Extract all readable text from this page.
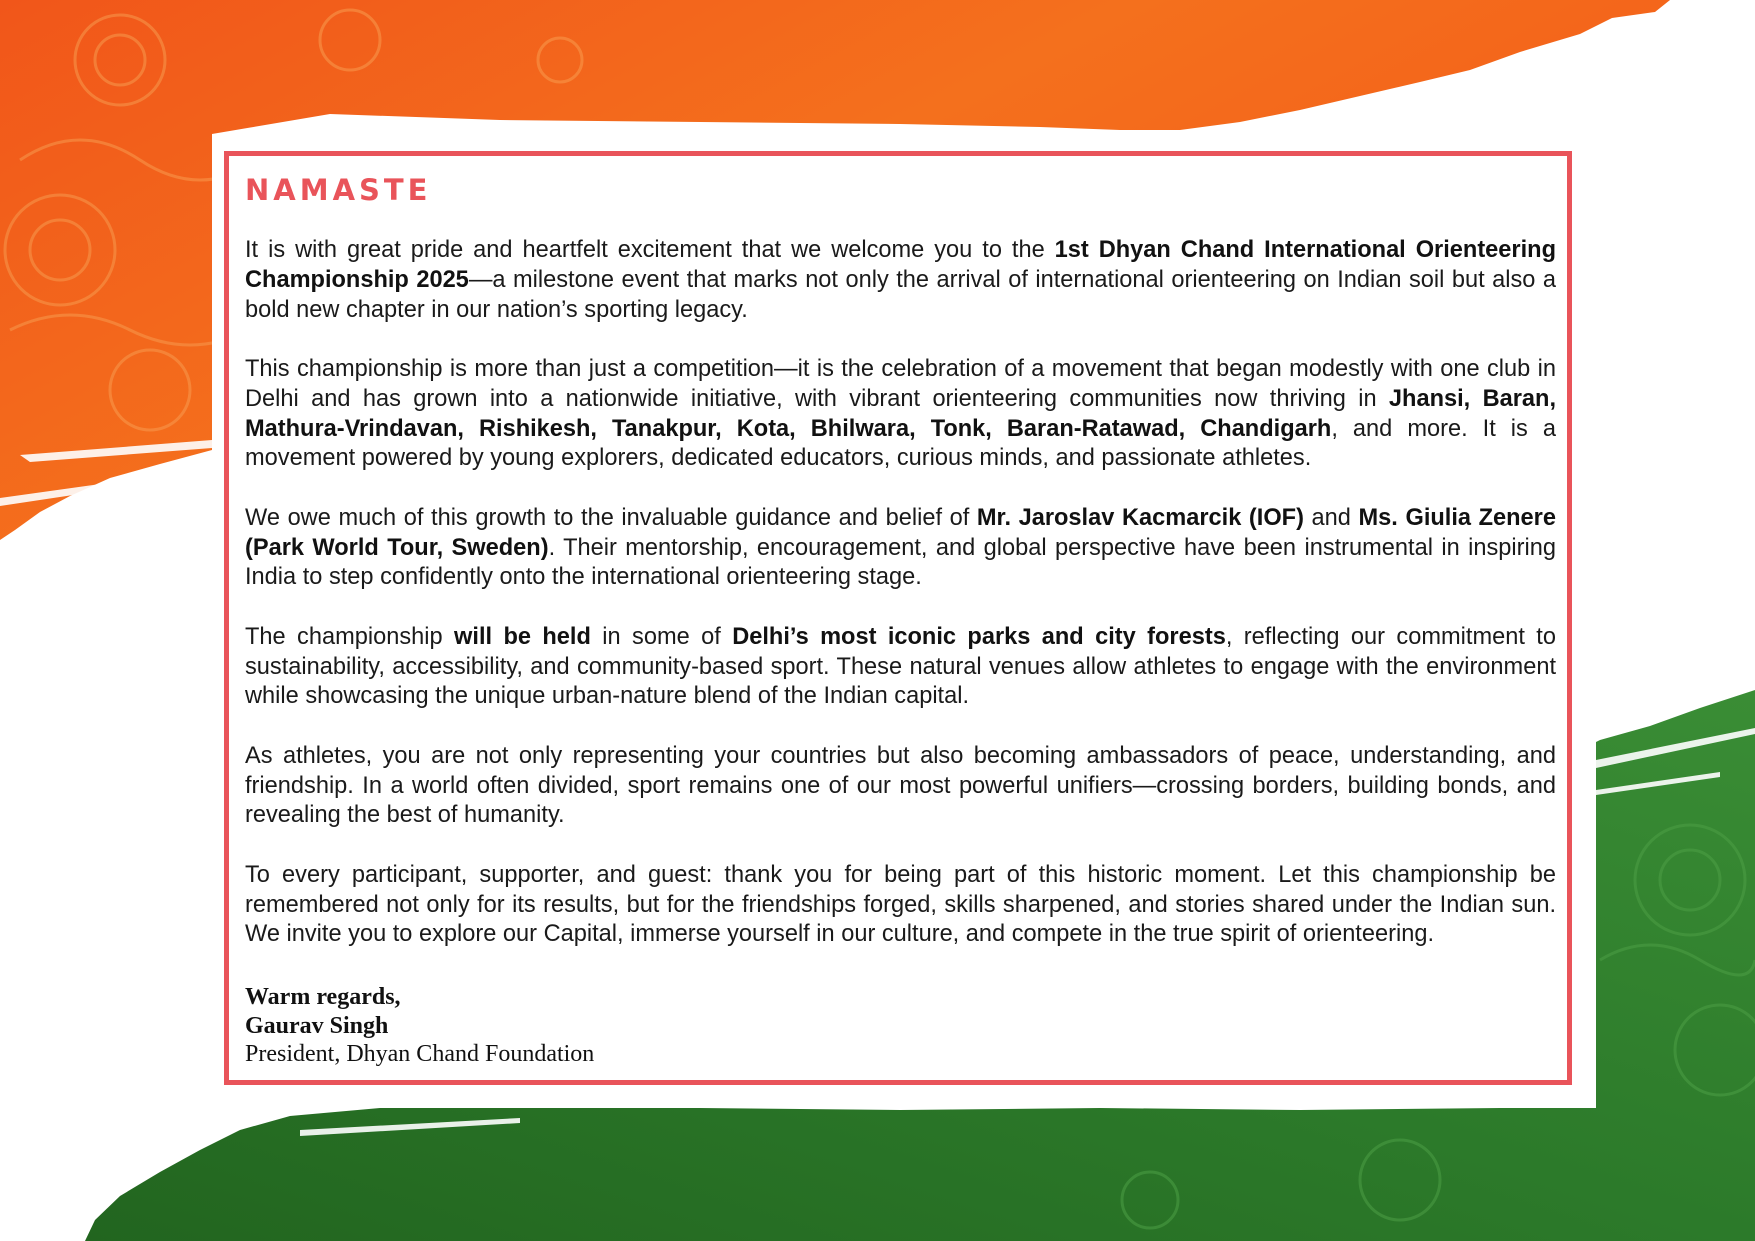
NAMASTE

It is with great pride and heartfelt excitement that we welcome you to the 1st Dhyan Chand International Orienteering Championship 2025—a milestone event that marks not only the arrival of international orienteering on Indian soil but also a bold new chapter in our nation’s sporting legacy.

This championship is more than just a competition—it is the celebration of a movement that began modestly with one club in Delhi and has grown into a nationwide initiative, with vibrant orienteering communities now thriving in Jhansi, Baran, Mathura-Vrindavan, Rishikesh, Tanakpur, Kota, Bhilwara, Tonk, Baran-Ratawad, Chandigarh, and more. It is a movement powered by young explorers, dedicated educators, curious minds, and passionate athletes.

We owe much of this growth to the invaluable guidance and belief of Mr. Jaroslav Kacmarcik (IOF) and Ms. Giulia Zenere (Park World Tour, Sweden). Their mentorship, encouragement, and global perspective have been instrumental in inspiring India to step confidently onto the international orienteering stage.

The championship will be held in some of Delhi’s most iconic parks and city forests, reflecting our commitment to sustainability, accessibility, and community-based sport. These natural venues allow athletes to engage with the environment while showcasing the unique urban-nature blend of the Indian capital.

As athletes, you are not only representing your countries but also becoming ambassadors of peace, understanding, and friendship. In a world often divided, sport remains one of our most powerful unifiers—crossing borders, building bonds, and revealing the best of humanity.

To every participant, supporter, and guest: thank you for being part of this historic moment. Let this championship be remembered not only for its results, but for the friendships forged, skills sharpened, and stories shared under the Indian sun. We invite you to explore our Capital, immerse yourself in our culture, and compete in the true spirit of orienteering.

Warm regards,
Gaurav Singh
President, Dhyan Chand Foundation
